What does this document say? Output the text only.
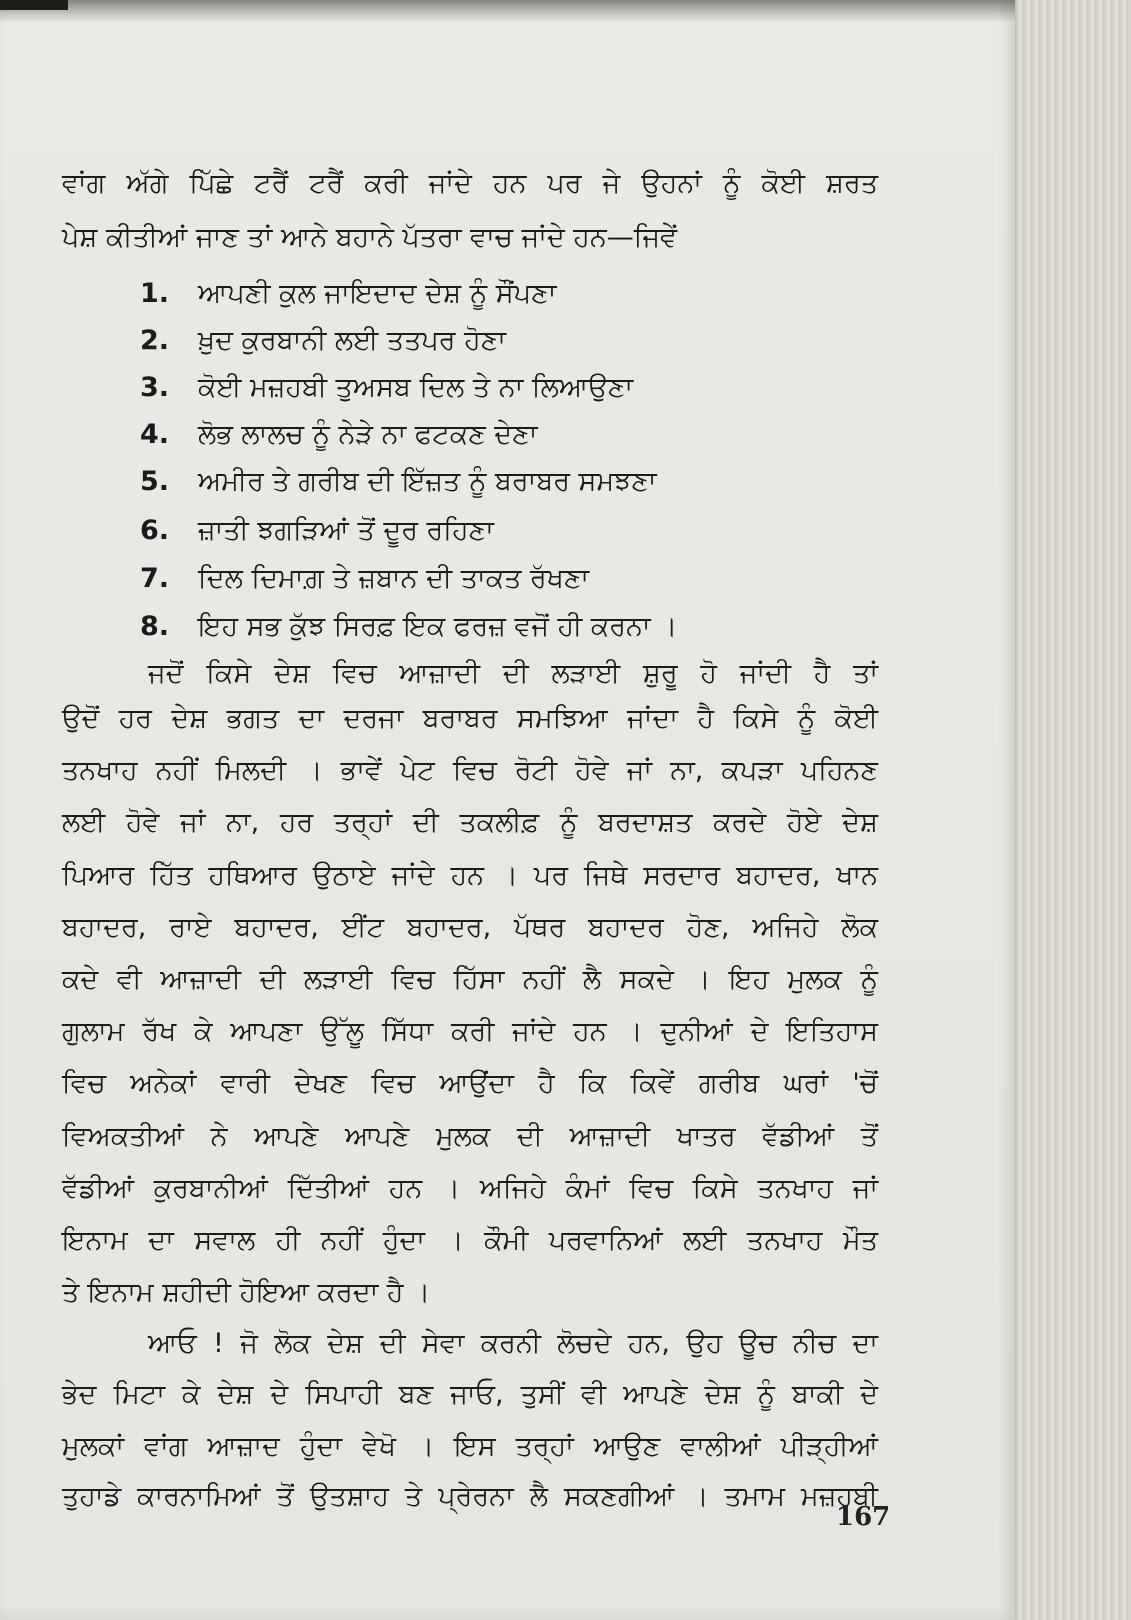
ਵਾਂਗ ਅੱਗੇ ਪਿੱਛੇ ਟਰੈਂ ਟਰੈਂ ਕਰੀ ਜਾਂਦੇ ਹਨ ਪਰ ਜੇ ਉਹਨਾਂ ਨੂੰ ਕੋਈ ਸ਼ਰਤ
ਪੇਸ਼ ਕੀਤੀਆਂ ਜਾਣ ਤਾਂ ਆਨੇ ਬਹਾਨੇ ਪੱਤਰਾ ਵਾਚ ਜਾਂਦੇ ਹਨ—ਜਿਵੇਂ
1. ਆਪਣੀ ਕੁਲ ਜਾਇਦਾਦ ਦੇਸ਼ ਨੂੰ ਸੌਂਪਣਾ
2. ਖ਼ੁਦ ਕੁਰਬਾਨੀ ਲਈ ਤਤਪਰ ਹੋਣਾ
3. ਕੋਈ ਮਜ਼ਹਬੀ ਤੁਅਸਬ ਦਿਲ ਤੇ ਨਾ ਲਿਆਉਣਾ
4. ਲੋਭ ਲਾਲਚ ਨੂੰ ਨੇੜੇ ਨਾ ਫਟਕਣ ਦੇਣਾ
5. ਅਮੀਰ ਤੇ ਗਰੀਬ ਦੀ ਇੱਜ਼ਤ ਨੂੰ ਬਰਾਬਰ ਸਮਝਣਾ
6. ਜ਼ਾਤੀ ਝਗੜਿਆਂ ਤੋਂ ਦੂਰ ਰਹਿਣਾ
7. ਦਿਲ ਦਿਮਾਗ਼ ਤੇ ਜ਼ਬਾਨ ਦੀ ਤਾਕਤ ਰੱਖਣਾ
8. ਇਹ ਸਭ ਕੁੱਝ ਸਿਰਫ਼ ਇਕ ਫਰਜ਼ ਵਜੋਂ ਹੀ ਕਰਨਾ ।
ਜਦੋਂ ਕਿਸੇ ਦੇਸ਼ ਵਿਚ ਆਜ਼ਾਦੀ ਦੀ ਲੜਾਈ ਸ਼ੁਰੂ ਹੋ ਜਾਂਦੀ ਹੈ ਤਾਂ
ਉਦੋਂ ਹਰ ਦੇਸ਼ ਭਗਤ ਦਾ ਦਰਜਾ ਬਰਾਬਰ ਸਮਝਿਆ ਜਾਂਦਾ ਹੈ ਕਿਸੇ ਨੂੰ ਕੋਈ
ਤਨਖਾਹ ਨਹੀਂ ਮਿਲਦੀ । ਭਾਵੇਂ ਪੇਟ ਵਿਚ ਰੋਟੀ ਹੋਵੇ ਜਾਂ ਨਾ, ਕਪੜਾ ਪਹਿਨਣ
ਲਈ ਹੋਵੇ ਜਾਂ ਨਾ, ਹਰ ਤਰ੍ਹਾਂ ਦੀ ਤਕਲੀਫ਼ ਨੂੰ ਬਰਦਾਸ਼ਤ ਕਰਦੇ ਹੋਏ ਦੇਸ਼
ਪਿਆਰ ਹਿੱਤ ਹਥਿਆਰ ਉਠਾਏ ਜਾਂਦੇ ਹਨ । ਪਰ ਜਿਥੇ ਸਰਦਾਰ ਬਹਾਦਰ, ਖਾਨ
ਬਹਾਦਰ, ਰਾਏ ਬਹਾਦਰ, ਈਂਟ ਬਹਾਦਰ, ਪੱਥਰ ਬਹਾਦਰ ਹੋਣ, ਅਜਿਹੇ ਲੋਕ
ਕਦੇ ਵੀ ਆਜ਼ਾਦੀ ਦੀ ਲੜਾਈ ਵਿਚ ਹਿੱਸਾ ਨਹੀਂ ਲੈ ਸਕਦੇ । ਇਹ ਮੁਲਕ ਨੂੰ
ਗੁਲਾਮ ਰੱਖ ਕੇ ਆਪਣਾ ਉੱਲੂ ਸਿੱਧਾ ਕਰੀ ਜਾਂਦੇ ਹਨ । ਦੁਨੀਆਂ ਦੇ ਇਤਿਹਾਸ
ਵਿਚ ਅਨੇਕਾਂ ਵਾਰੀ ਦੇਖਣ ਵਿਚ ਆਉਂਦਾ ਹੈ ਕਿ ਕਿਵੇਂ ਗਰੀਬ ਘਰਾਂ 'ਚੋਂ
ਵਿਅਕਤੀਆਂ ਨੇ ਆਪਣੇ ਆਪਣੇ ਮੁਲਕ ਦੀ ਆਜ਼ਾਦੀ ਖਾਤਰ ਵੱਡੀਆਂ ਤੋਂ
ਵੱਡੀਆਂ ਕੁਰਬਾਨੀਆਂ ਦਿੱਤੀਆਂ ਹਨ । ਅਜਿਹੇ ਕੰਮਾਂ ਵਿਚ ਕਿਸੇ ਤਨਖਾਹ ਜਾਂ
ਇਨਾਮ ਦਾ ਸਵਾਲ ਹੀ ਨਹੀਂ ਹੁੰਦਾ । ਕੌਮੀ ਪਰਵਾਨਿਆਂ ਲਈ ਤਨਖਾਹ ਮੌਤ
ਤੇ ਇਨਾਮ ਸ਼ਹੀਦੀ ਹੋਇਆ ਕਰਦਾ ਹੈ ।
ਆਓ ! ਜੋ ਲੋਕ ਦੇਸ਼ ਦੀ ਸੇਵਾ ਕਰਨੀ ਲੋਚਦੇ ਹਨ, ਉਹ ਊਚ ਨੀਚ ਦਾ
ਭੇਦ ਮਿਟਾ ਕੇ ਦੇਸ਼ ਦੇ ਸਿਪਾਹੀ ਬਣ ਜਾਓ, ਤੁਸੀਂ ਵੀ ਆਪਣੇ ਦੇਸ਼ ਨੂੰ ਬਾਕੀ ਦੇ
ਮੁਲਕਾਂ ਵਾਂਗ ਆਜ਼ਾਦ ਹੁੰਦਾ ਵੇਖੋ । ਇਸ ਤਰ੍ਹਾਂ ਆਉਣ ਵਾਲੀਆਂ ਪੀੜ੍ਹੀਆਂ
ਤੁਹਾਡੇ ਕਾਰਨਾਮਿਆਂ ਤੋਂ ਉਤਸ਼ਾਹ ਤੇ ਪ੍ਰੇਰਨਾ ਲੈ ਸਕਣਗੀਆਂ । ਤਮਾਮ ਮਜ਼ਹਬੀ
167
